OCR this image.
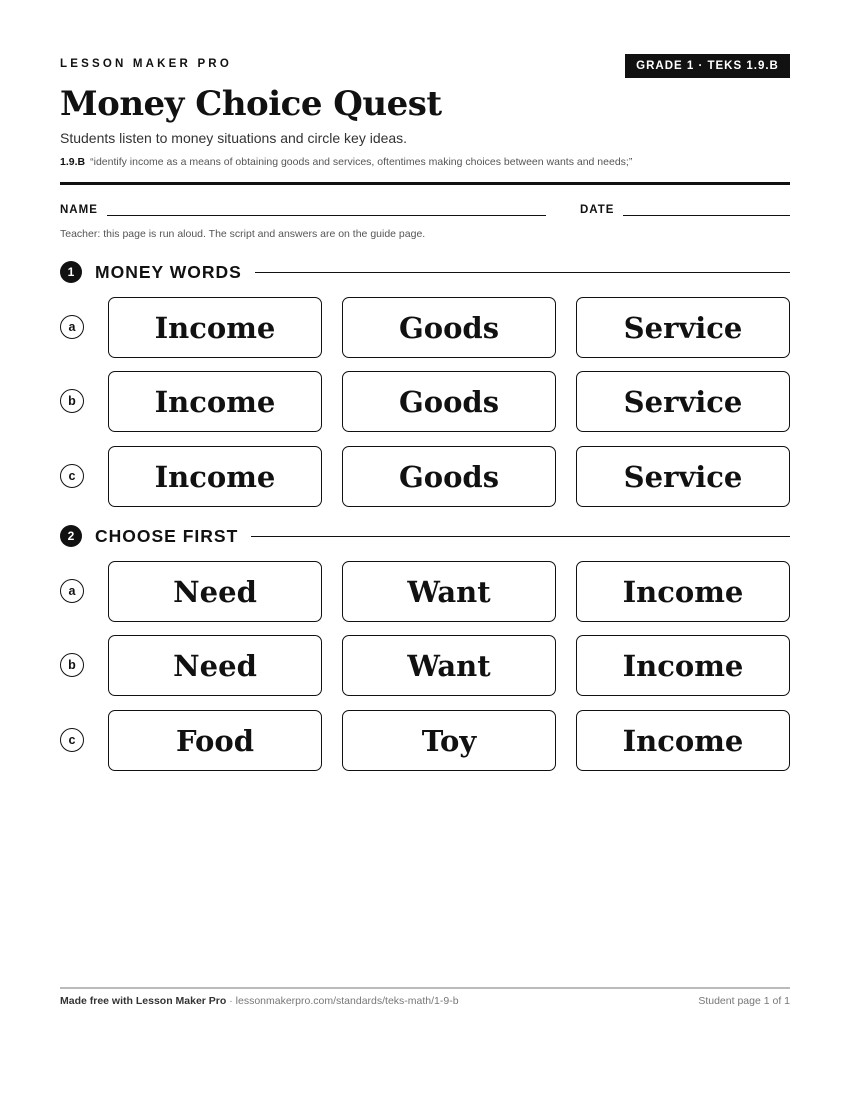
LESSON MAKER PRO	GRADE 1 · TEKS 1.9.B
Money Choice Quest
Students listen to money situations and circle key ideas.
1.9.B “identify income as a means of obtaining goods and services, oftentimes making choices between wants and needs;”
NAME	DATE
Teacher: this page is run aloud. The script and answers are on the guide page.
1	MONEY WORDS
a	Income	Goods	Service
b	Income	Goods	Service
c	Income	Goods	Service
2	CHOOSE FIRST
a	Need	Want	Income
b	Need	Want	Income
c	Food	Toy	Income
Made free with Lesson Maker Pro · lessonmakerpro.com/standards/teks-math/1-9-b	Student page 1 of 1
